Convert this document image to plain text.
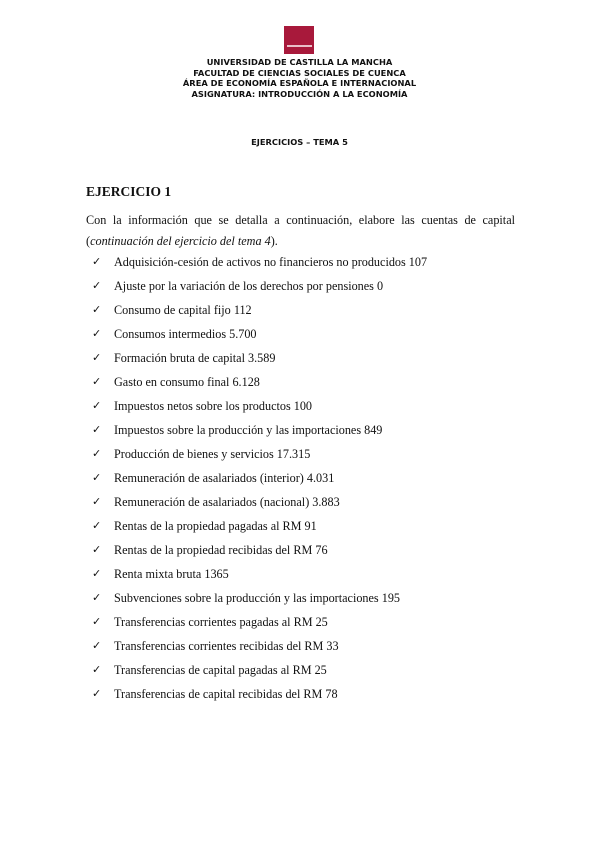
UNIVERSIDAD DE CASTILLA LA MANCHA
FACULTAD DE CIENCIAS SOCIALES DE CUENCA
ÁREA DE ECONOMÍA ESPAÑOLA E INTERNACIONAL
ASIGNATURA: INTRODUCCIÓN A LA ECONOMÍA
EJERCICIOS – TEMA 5
EJERCICIO 1
Con la información que se detalla a continuación, elabore las cuentas de capital
(continuación del ejercicio del tema 4).
✓	Adquisición-cesión de activos no financieros no producidos 107
✓	Ajuste por la variación de los derechos por pensiones 0
✓	Consumo de capital fijo 112
✓	Consumos intermedios 5.700
✓	Formación bruta de capital 3.589
✓	Gasto en consumo final 6.128
✓	Impuestos netos sobre los productos 100
✓	Impuestos sobre la producción y las importaciones 849
✓	Producción de bienes y servicios 17.315
✓	Remuneración de asalariados (interior) 4.031
✓	Remuneración de asalariados (nacional) 3.883
✓	Rentas de la propiedad pagadas al RM 91
✓	Rentas de la propiedad recibidas del RM 76
✓	Renta mixta bruta 1365
✓	Subvenciones sobre la producción y las importaciones 195
✓	Transferencias corrientes pagadas al RM 25
✓	Transferencias corrientes recibidas del RM 33
✓	Transferencias de capital pagadas al RM 25
✓	Transferencias de capital recibidas del RM 78
